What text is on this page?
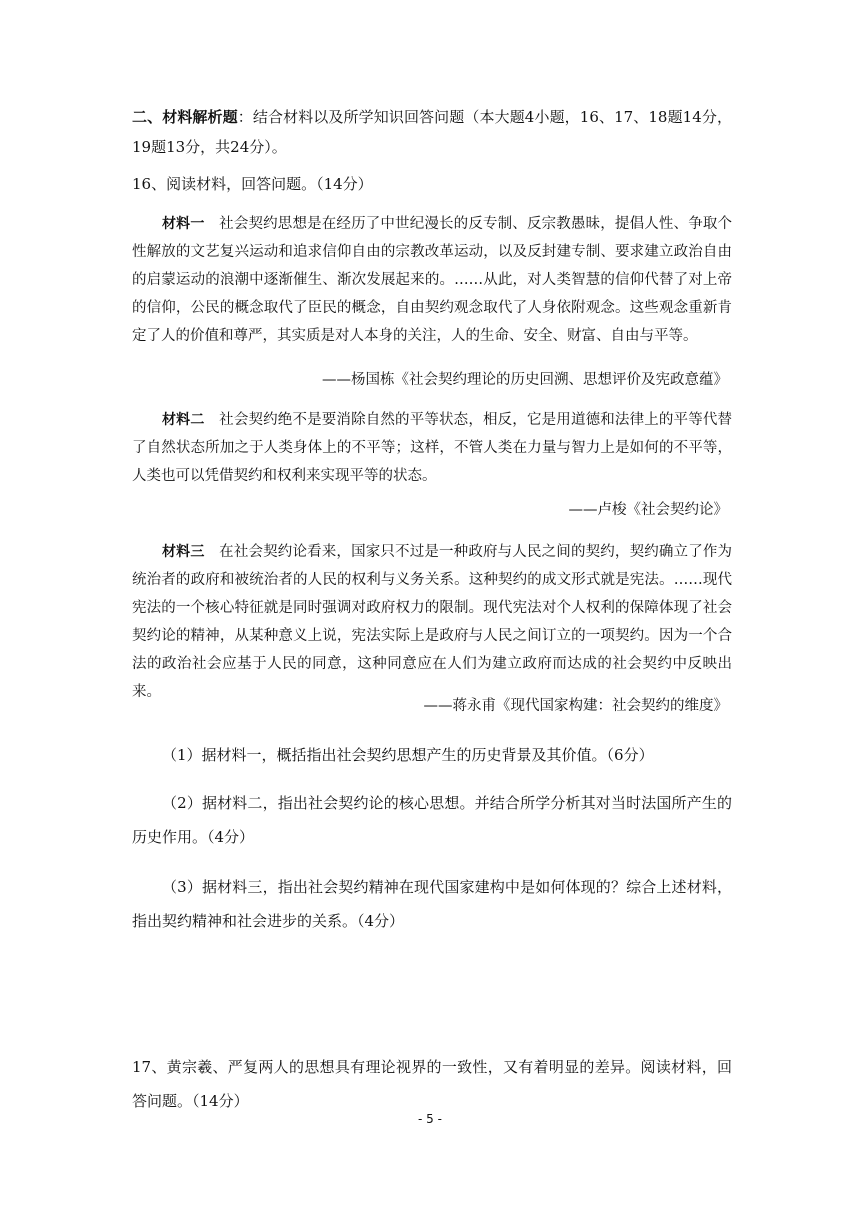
二、材料解析题：结合材料以及所学知识回答问题（本大题4小题，16、17、18题14分，19题13分，共24分）。

16、阅读材料，回答问题。（14分）

材料一　 社会契约思想是在经历了中世纪漫长的反专制、反宗教愚昧，提倡人性、争取个性解放的文艺复兴运动和追求信仰自由的宗教改革运动，以及反封建专制、要求建立政治自由的启蒙运动的浪潮中逐渐催生、渐次发展起来的。……从此，对人类智慧的信仰代替了对上帝的信仰，公民的概念取代了臣民的概念，自由契约观念取代了人身依附观念。这些观念重新肯定了人的价值和尊严，其实质是对人本身的关注，人的生命、安全、财富、自由与平等。

——杨国栋《社会契约理论的历史回溯、思想评价及宪政意蕴》

材料二　 社会契约绝不是要消除自然的平等状态，相反，它是用道德和法律上的平等代替了自然状态所加之于人类身体上的不平等；这样，不管人类在力量与智力上是如何的不平等，人类也可以凭借契约和权利来实现平等的状态。

——卢梭《社会契约论》

材料三　 在社会契约论看来，国家只不过是一种政府与人民之间的契约，契约确立了作为统治者的政府和被统治者的人民的权利与义务关系。这种契约的成文形式就是宪法。……现代宪法的一个核心特征就是同时强调对政府权力的限制。现代宪法对个人权利的保障体现了社会契约论的精神，从某种意义上说，宪法实际上是政府与人民之间订立的一项契约。因为一个合法的政治社会应基于人民的同意，这种同意应在人们为建立政府而达成的社会契约中反映出来。

——蒋永甫《现代国家构建：社会契约的维度》

（1）据材料一，概括指出社会契约思想产生的历史背景及其价值。（6分）

（2）据材料二，指出社会契约论的核心思想。并结合所学分析其对当时法国所产生的历史作用。（4分）

（3）据材料三，指出社会契约精神在现代国家建构中是如何体现的？综合上述材料，指出契约精神和社会进步的关系。（4分）

17、黄宗羲、严复两人的思想具有理论视界的一致性，又有着明显的差异。阅读材料，回答问题。（14分）

- 5 -
